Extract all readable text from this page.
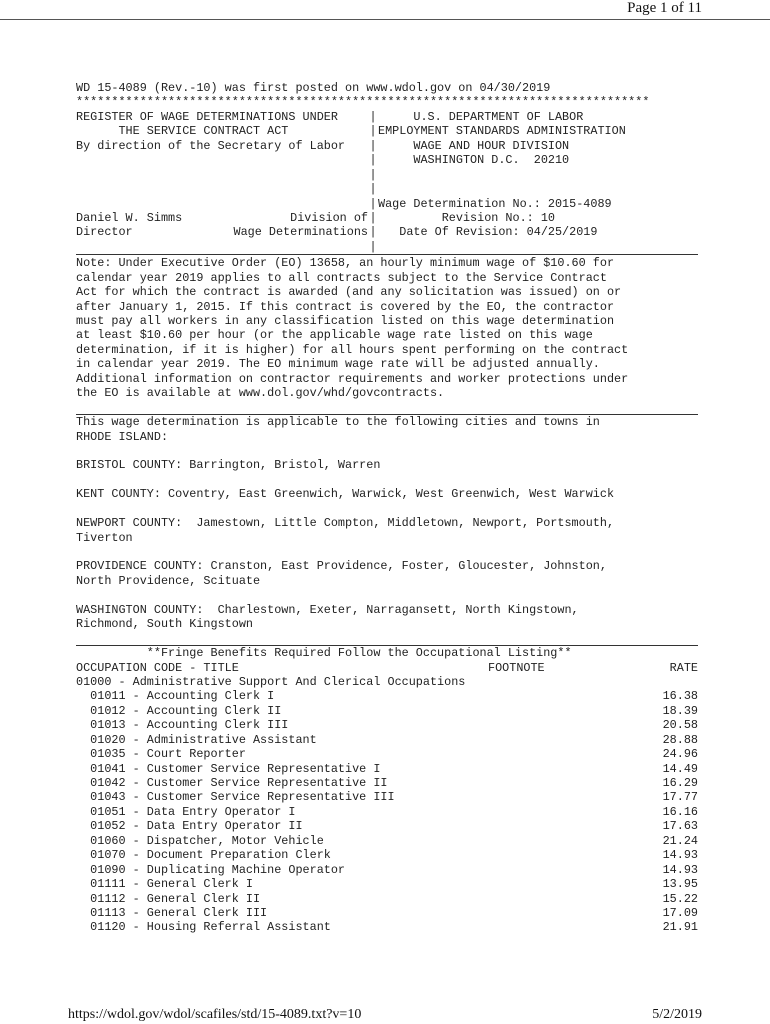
Page 1 of 11
WD 15-4089 (Rev.-10) was first posted on www.wdol.gov on 04/30/2019
*********************************************************************************
REGISTER OF WAGE DETERMINATIONS UNDER	| U.S. DEPARTMENT OF LABOR
THE SERVICE CONTRACT ACT	| EMPLOYMENT STANDARDS ADMINISTRATION
By direction of the Secretary of Labor	| WAGE AND HOUR DIVISION
| WASHINGTON D.C.  20210
|
|
| Wage Determination No.: 2015-4089
Daniel W. Simms	Division of | Revision No.: 10
Director	Wage Determinations | Date Of Revision: 04/25/2019
|
Note: Under Executive Order (EO) 13658, an hourly minimum wage of $10.60 for
calendar year 2019 applies to all contracts subject to the Service Contract
Act for which the contract is awarded (and any solicitation was issued) on or
after January 1, 2015. If this contract is covered by the EO, the contractor
must pay all workers in any classification listed on this wage determination
at least $10.60 per hour (or the applicable wage rate listed on this wage
determination, if it is higher) for all hours spent performing on the contract
in calendar year 2019. The EO minimum wage rate will be adjusted annually.
Additional information on contractor requirements and worker protections under
the EO is available at www.dol.gov/whd/govcontracts.
This wage determination is applicable to the following cities and towns in
RHODE ISLAND:
BRISTOL COUNTY: Barrington, Bristol, Warren
KENT COUNTY: Coventry, East Greenwich, Warwick, West Greenwich, West Warwick
NEWPORT COUNTY:  Jamestown, Little Compton, Middletown, Newport, Portsmouth,
Tiverton
PROVIDENCE COUNTY: Cranston, East Providence, Foster, Gloucester, Johnston,
North Providence, Scituate
WASHINGTON COUNTY:  Charlestown, Exeter, Narragansett, North Kingstown,
Richmond, South Kingstown
**Fringe Benefits Required Follow the Occupational Listing**
OCCUPATION CODE - TITLE	FOOTNOTE	RATE
01000 - Administrative Support And Clerical Occupations
01011 - Accounting Clerk I	16.38
01012 - Accounting Clerk II	18.39
01013 - Accounting Clerk III	20.58
01020 - Administrative Assistant	28.88
01035 - Court Reporter	24.96
01041 - Customer Service Representative I	14.49
01042 - Customer Service Representative II	16.29
01043 - Customer Service Representative III	17.77
01051 - Data Entry Operator I	16.16
01052 - Data Entry Operator II	17.63
01060 - Dispatcher, Motor Vehicle	21.24
01070 - Document Preparation Clerk	14.93
01090 - Duplicating Machine Operator	14.93
01111 - General Clerk I	13.95
01112 - General Clerk II	15.22
01113 - General Clerk III	17.09
01120 - Housing Referral Assistant	21.91
https://wdol.gov/wdol/scafiles/std/15-4089.txt?v=10	5/2/2019
